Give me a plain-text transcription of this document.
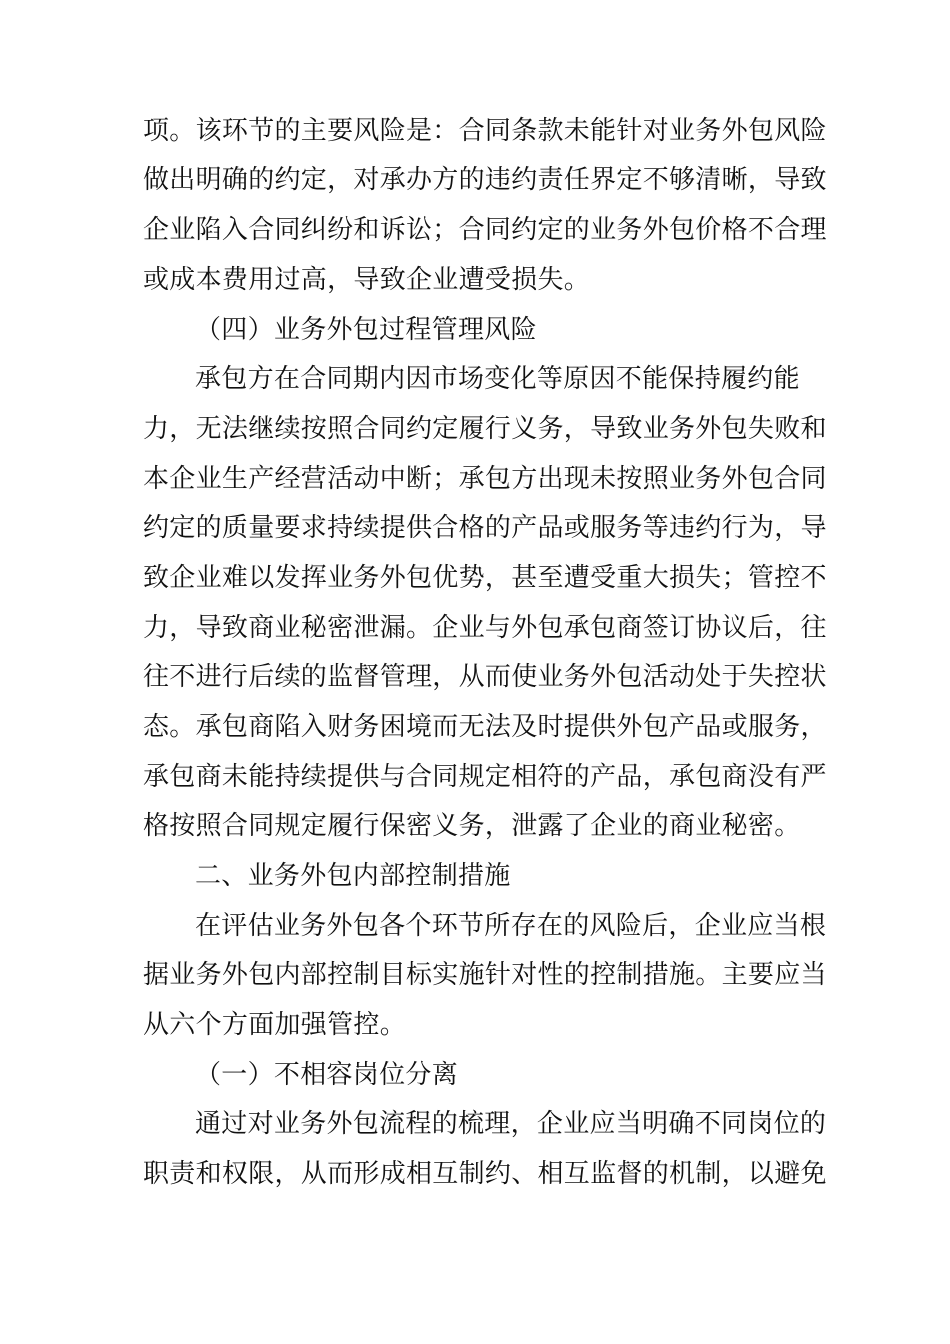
项。该环节的主要风险是：合同条款未能针对业务外包风险
做出明确的约定，对承办方的违约责任界定不够清晰，导致
企业陷入合同纠纷和诉讼；合同约定的业务外包价格不合理
或成本费用过高，导致企业遭受损失。
（四）业务外包过程管理风险
承包方在合同期内因市场变化等原因不能保持履约能
力，无法继续按照合同约定履行义务，导致业务外包失败和
本企业生产经营活动中断；承包方出现未按照业务外包合同
约定的质量要求持续提供合格的产品或服务等违约行为，导
致企业难以发挥业务外包优势，甚至遭受重大损失；管控不
力，导致商业秘密泄漏。企业与外包承包商签订协议后，往
往不进行后续的监督管理，从而使业务外包活动处于失控状
态。承包商陷入财务困境而无法及时提供外包产品或服务，
承包商未能持续提供与合同规定相符的产品，承包商没有严
格按照合同规定履行保密义务，泄露了企业的商业秘密。
二、业务外包内部控制措施
在评估业务外包各个环节所存在的风险后，企业应当根
据业务外包内部控制目标实施针对性的控制措施。主要应当
从六个方面加强管控。
（一）不相容岗位分离
通过对业务外包流程的梳理，企业应当明确不同岗位的
职责和权限，从而形成相互制约、相互监督的机制，以避免
